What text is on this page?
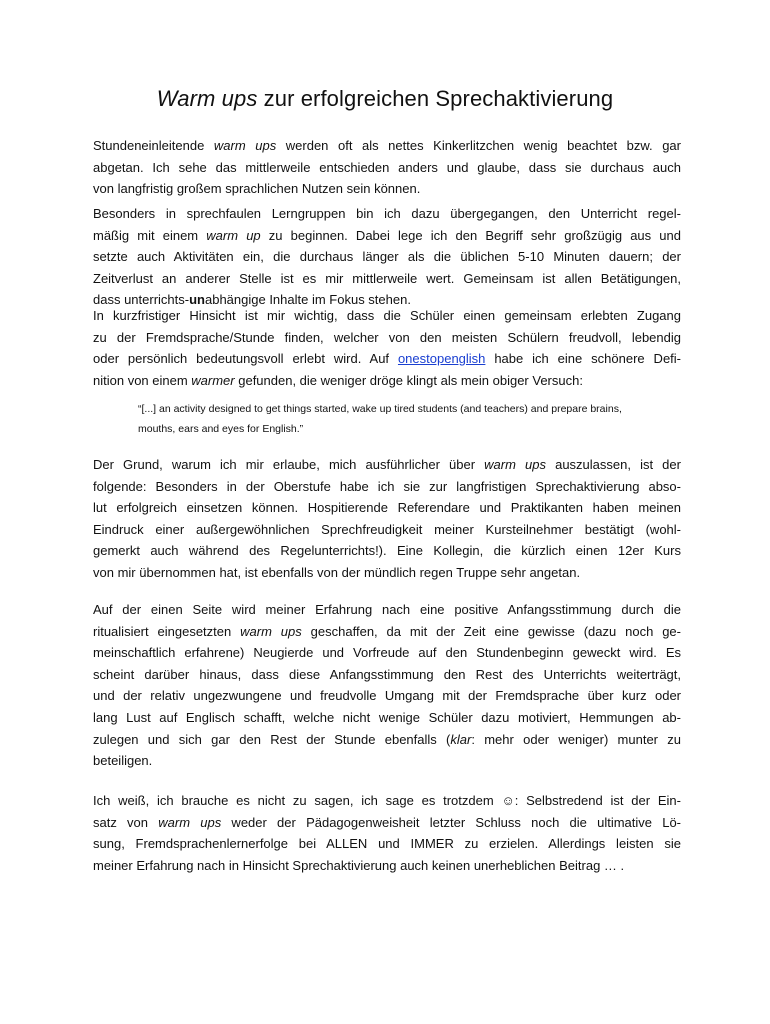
Warm ups zur erfolgreichen Sprechaktivierung
Stundeneinleitende warm ups werden oft als nettes Kinkerlitzchen wenig beachtet bzw. gar
abgetan. Ich sehe das mittlerweile entschieden anders und glaube, dass sie durchaus auch
von langfristig großem sprachlichen Nutzen sein können.
Besonders in sprechfaulen Lerngruppen bin ich dazu übergegangen, den Unterricht regel-
mäßig mit einem warm up zu beginnen. Dabei lege ich den Begriff sehr großzügig aus und
setzte auch Aktivitäten ein, die durchaus länger als die üblichen 5-10 Minuten dauern; der
Zeitverlust an anderer Stelle ist es mir mittlerweile wert. Gemeinsam ist allen Betätigungen,
dass unterrichts-unabhängige Inhalte im Fokus stehen.
In kurzfristiger Hinsicht ist mir wichtig, dass die Schüler einen gemeinsam erlebten Zugang
zu der Fremdsprache/Stunde finden, welcher von den meisten Schülern freudvoll, lebendig
oder persönlich bedeutungsvoll erlebt wird. Auf onestopenglish habe ich eine schönere Defi-
nition von einem warmer gefunden, die weniger dröge klingt als mein obiger Versuch:
“[...] an activity designed to get things started, wake up tired students (and teachers) and prepare brains,
mouths, ears and eyes for English.”
Der Grund, warum ich mir erlaube, mich ausführlicher über warm ups auszulassen, ist der
folgende: Besonders in der Oberstufe habe ich sie zur langfristigen Sprechaktivierung abso-
lut erfolgreich einsetzen können. Hospitierende Referendare und Praktikanten haben meinen
Eindruck einer außergewöhnlichen Sprechfreudigkeit meiner Kursteilnehmer bestätigt (wohl-
gemerkt auch während des Regelunterrichts!). Eine Kollegin, die kürzlich einen 12er Kurs
von mir übernommen hat, ist ebenfalls von der mündlich regen Truppe sehr angetan.
Auf der einen Seite wird meiner Erfahrung nach eine positive Anfangsstimmung durch die
ritualisiert eingesetzten warm ups geschaffen, da mit der Zeit eine gewisse (dazu noch ge-
meinschaftlich erfahrene) Neugierde und Vorfreude auf den Stundenbeginn geweckt wird. Es
scheint darüber hinaus, dass diese Anfangsstimmung den Rest des Unterrichts weiterträgt,
und der relativ ungezwungene und freudvolle Umgang mit der Fremdsprache über kurz oder
lang Lust auf Englisch schafft, welche nicht wenige Schüler dazu motiviert, Hemmungen ab-
zulegen und sich gar den Rest der Stunde ebenfalls (klar: mehr oder weniger) munter zu
beteiligen.
Ich weiß, ich brauche es nicht zu sagen, ich sage es trotzdem ☺: Selbstredend ist der Ein-
satz von warm ups weder der Pädagogenweisheit letzter Schluss noch die ultimative Lö-
sung, Fremdsprachenlernerfolge bei ALLEN und IMMER zu erzielen. Allerdings leisten sie
meiner Erfahrung nach in Hinsicht Sprechaktivierung auch keinen unerheblichen Beitrag … .
